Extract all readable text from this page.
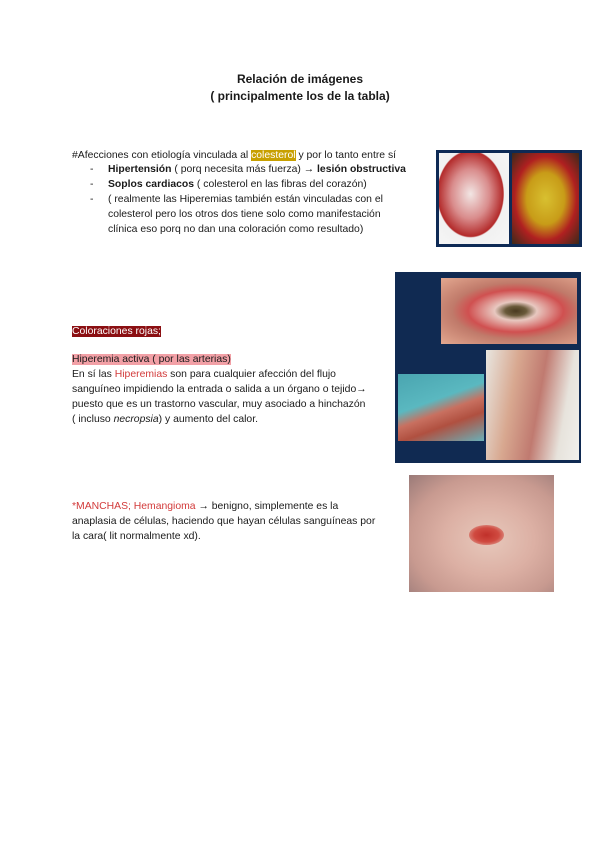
Relación de imágenes
( principalmente los de la tabla)
#Afecciones con etiología vinculada al colesterol y por lo tanto entre sí
- Hipertensión ( porq necesita más fuerza) → lesión obstructiva
- Soplos cardiacos ( colesterol en las fibras del corazón)
- ( realmente las Hiperemias también están vinculadas con el
colesterol pero los otros dos tiene solo como manifestación
clínica eso porq no dan una coloración como resultado)
Coloraciones rojas;
Hiperemia activa ( por las arterias)
En sí las Hiperemias son para cualquier afección del flujo
sanguíneo impidiendo la entrada o salida a un órgano o tejido→
puesto que es un trastorno vascular, muy asociado a hinchazón
( incluso necropsia) y aumento del calor.
*MANCHAS; Hemangioma → benigno, simplemente es la
anaplasia de células, haciendo que hayan células sanguíneas por
la cara( lit normalmente xd).
